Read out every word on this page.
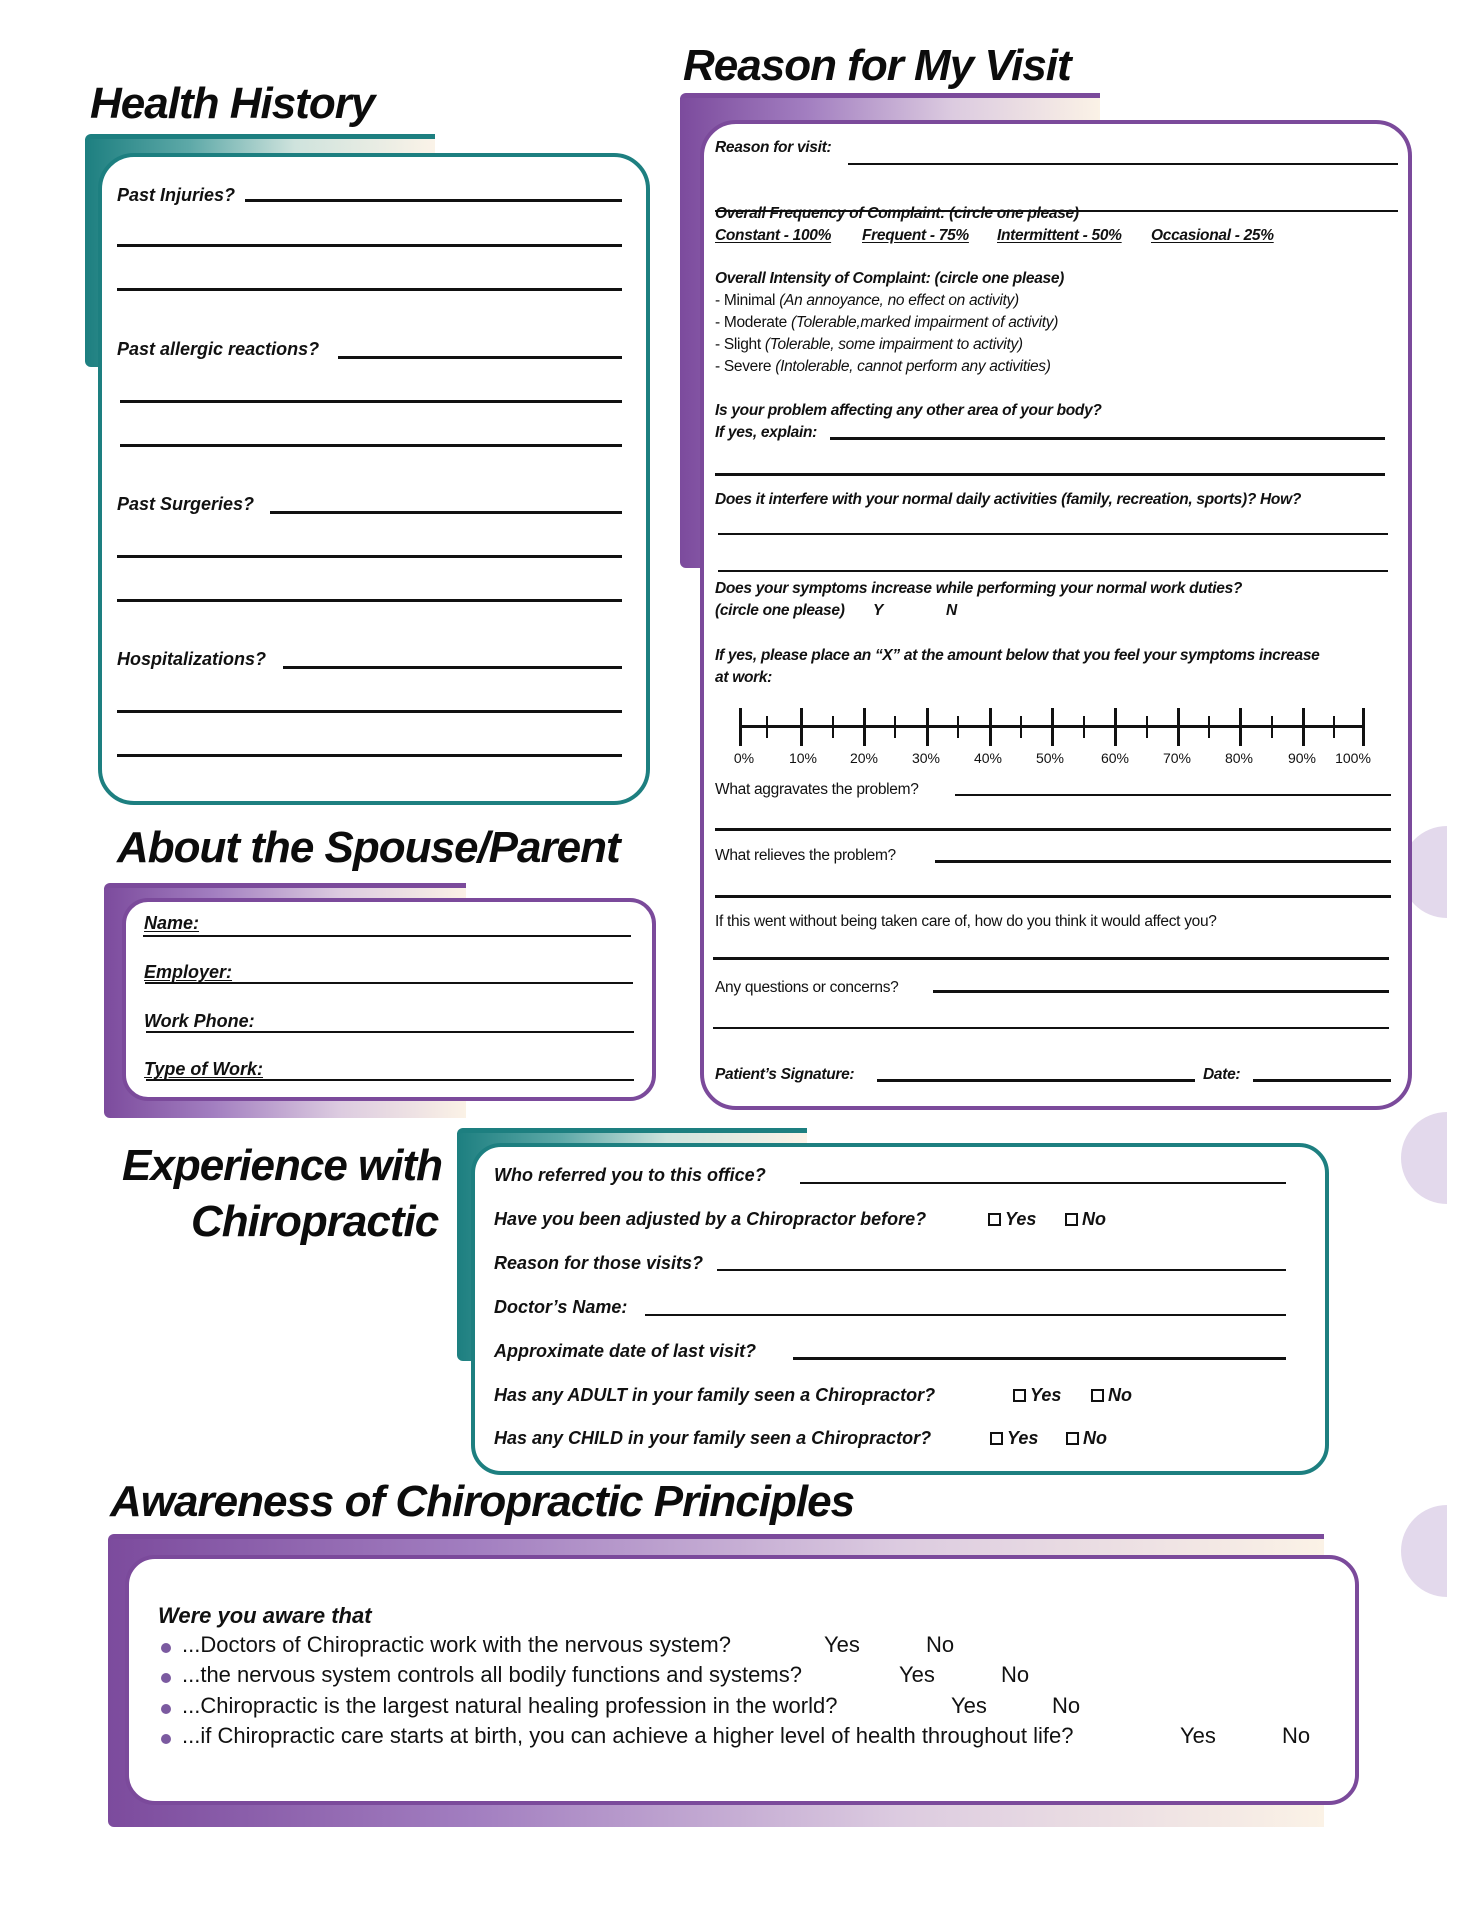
Health History
Past Injuries?
Past allergic reactions?
Past Surgeries?
Hospitalizations?
Reason for My Visit
Reason for visit:
Overall Frequency of Complaint: (circle one please)
Constant - 100% Frequent - 75% Intermittent - 50% Occasional - 25%
Overall Intensity of Complaint: (circle one please)
- Minimal (An annoyance, no effect on activity)
- Moderate (Tolerable,marked impairment of activity)
- Slight (Tolerable, some impairment to activity)
- Severe (Intolerable, cannot perform any activities)
Is your problem affecting any other area of your body?
If yes, explain:
Does it interfere with your normal daily activities (family, recreation, sports)? How?
Does your symptoms increase while performing your normal work duties?
(circle one please) Y	N
If yes, please place an “X” at the amount below that you feel your symptoms increase
at work:
0% 10% 20% 30% 40% 50%	60% 70% 80% 90% 100%
What aggravates the problem?
What relieves the problem?
If this went without being taken care of, how do you think it would affect you?
Any questions or concerns?
Patient’s Signature:	Date:
About the Spouse/Parent
Name:
Employer:
Work Phone:
Type of Work:
Experience with
Chiropractic
Who referred you to this office?
Have you been adjusted by a Chiropractor before?	Yes	No
Reason for those visits?
Doctor’s Name:
Approximate date of last visit?
Has any ADULT in your family seen a Chiropractor?	Yes	No
Has any CHILD in your family seen a Chiropractor?	Yes	No
Awareness of Chiropractic Principles
Were you aware that
...Doctors of Chiropractic work with the nervous system?	Yes	No
...the nervous system controls all bodily functions and systems?	Yes	No
...Chiropractic is the largest natural healing profession in the world?	Yes	No
...if Chiropractic care starts at birth, you can achieve a higher level of health throughout life?	Yes	No
